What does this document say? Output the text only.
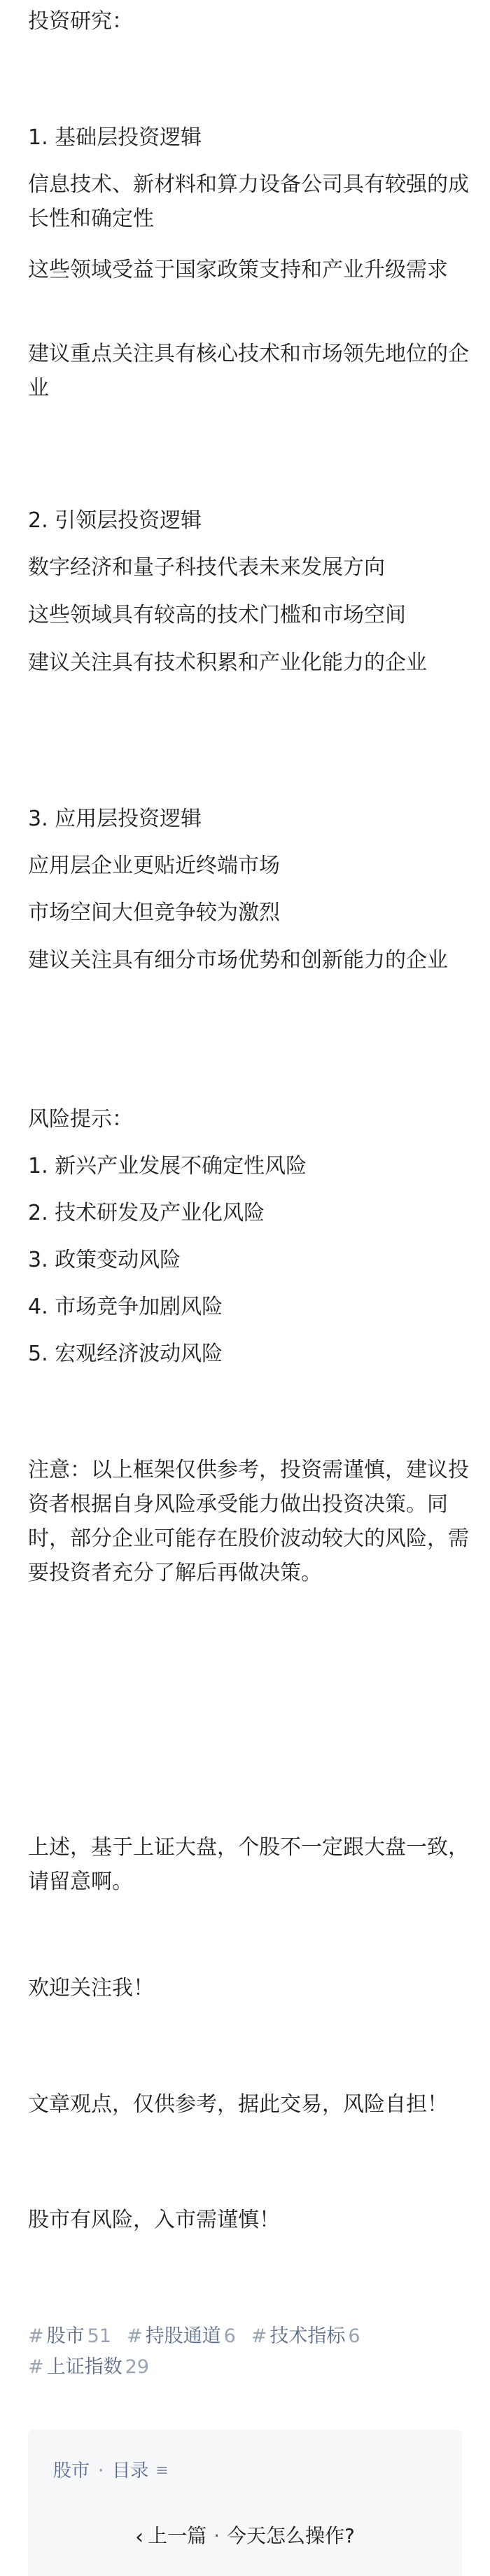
投资研究：

1. 基础层投资逻辑

信息技术、新材料和算力设备公司具有较强的成长性和确定性

这些领域受益于国家政策支持和产业升级需求

建议重点关注具有核心技术和市场领先地位的企业

2. 引领层投资逻辑

数字经济和量子科技代表未来发展方向

这些领域具有较高的技术门槛和市场空间

建议关注具有技术积累和产业化能力的企业

3. 应用层投资逻辑

应用层企业更贴近终端市场

市场空间大但竞争较为激烈

建议关注具有细分市场优势和创新能力的企业

风险提示：

1. 新兴产业发展不确定性风险

2. 技术研发及产业化风险

3. 政策变动风险

4. 市场竞争加剧风险

5. 宏观经济波动风险

注意：以上框架仅供参考，投资需谨慎，建议投资者根据自身风险承受能力做出投资决策。同时，部分企业可能存在股价波动较大的风险，需要投资者充分了解后再做决策。

上述，基于上证大盘，个股不一定跟大盘一致，请留意啊。

欢迎关注我！

文章观点，仅供参考，据此交易，风险自担！

股市有风险，入市需谨慎！

# 股市 51 # 持股通道 6 # 技术指标 6
# 上证指数 29
股市 · 目录 ≡
‹ 上一篇 · 今天怎么操作?
